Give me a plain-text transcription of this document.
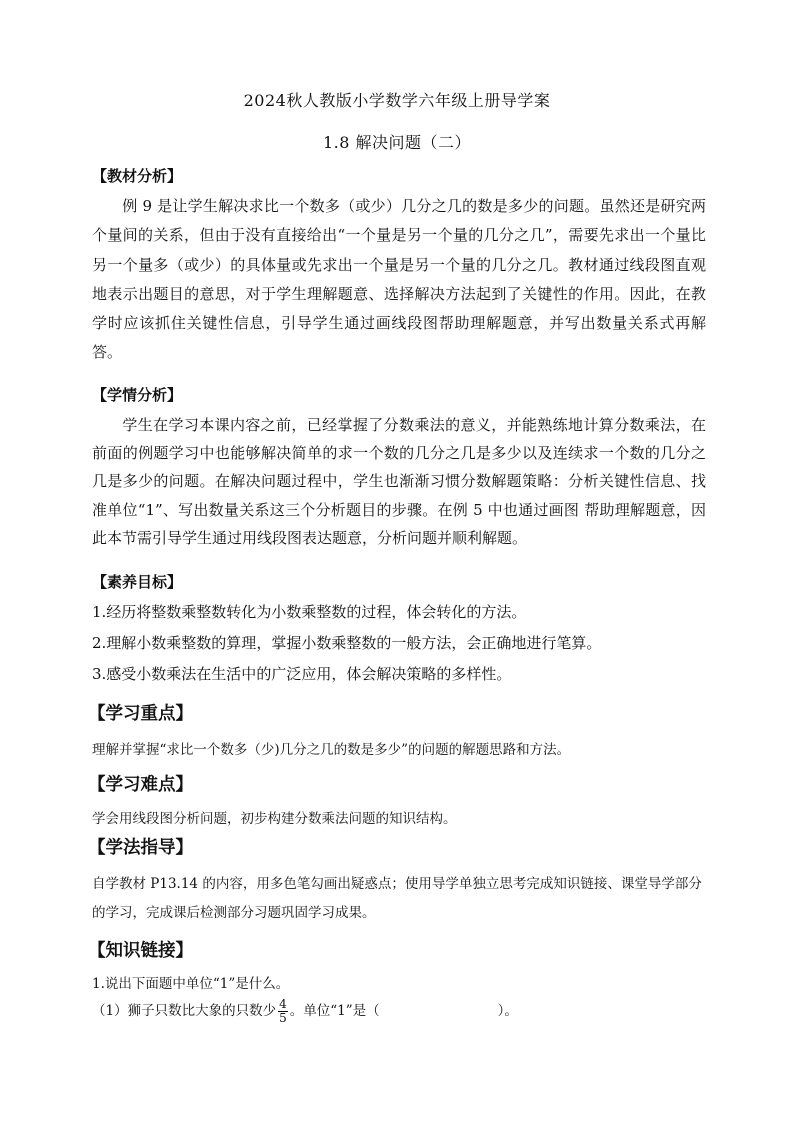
2024秋人教版小学数学六年级上册导学案
1.8 解决问题（二）
【教材分析】
例 9 是让学生解决求比一个数多（或少）几分之几的数是多少的问题。虽然还是研究两个量间的关系，但由于没有直接给出“一个量是另一个量的几分之几”，需要先求出一个量比另一个量多（或少）的具体量或先求出一个量是另一个量的几分之几。教材通过线段图直观地表示出题目的意思，对于学生理解题意、选择解决方法起到了关键性的作用。因此，在教学时应该抓住关键性信息，引导学生通过画线段图帮助理解题意，并写出数量关系式再解答。
【学情分析】
学生在学习本课内容之前，已经掌握了分数乘法的意义，并能熟练地计算分数乘法，在前面的例题学习中也能够解决简单的求一个数的几分之几是多少以及连续求一个数的几分之几是多少的问题。在解决问题过程中，学生也渐渐习惯分数解题策略：分析关键性信息、找准单位“1”、写出数量关系这三个分析题目的步骤。在例 5 中也通过画图 帮助理解题意，因此本节需引导学生通过用线段图表达题意，分析问题并顺利解题。
【素养目标】
1.经历将整数乘整数转化为小数乘整数的过程，体会转化的方法。
2.理解小数乘整数的算理，掌握小数乘整数的一般方法，会正确地进行笔算。
3.感受小数乘法在生活中的广泛应用，体会解决策略的多样性。
【学习重点】
理解并掌握“求比一个数多（少)几分之几的数是多少”的问题的解题思路和方法。
【学习难点】
学会用线段图分析问题，初步构建分数乘法问题的知识结构。
【学法指导】
自学教材 P13.14 的内容，用多色笔勾画出疑惑点；使用导学单独立思考完成知识链接、课堂导学部分的学习，完成课后检测部分习题巩固学习成果。
【知识链接】
1.说出下面题中单位“1”是什么。
（1）狮子只数比大象的只数少 $\frac{4}{5}$ 。单位“1”是（	）。
